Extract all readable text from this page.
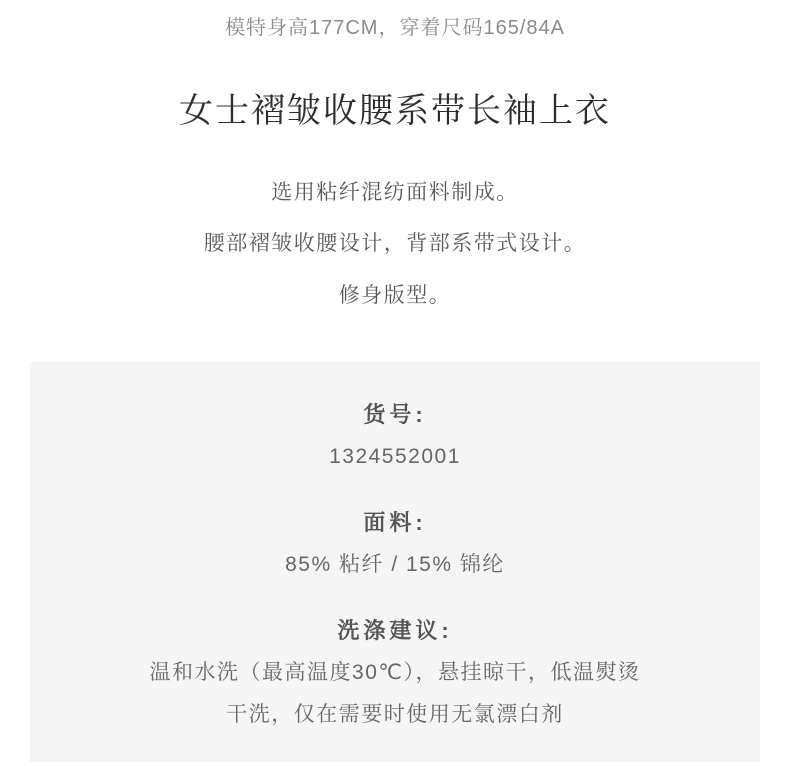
模特身高177CM，穿着尺码165/84A

女士褶皱收腰系带长袖上衣

选用粘纤混纺面料制成。

腰部褶皱收腰设计，背部系带式设计。

修身版型。

货号:

1324552001

面料:

85% 粘纤 / 15% 锦纶

洗涤建议:

温和水洗（最高温度30℃），悬挂晾干，低温熨烫

干洗，仅在需要时使用无氯漂白剂
